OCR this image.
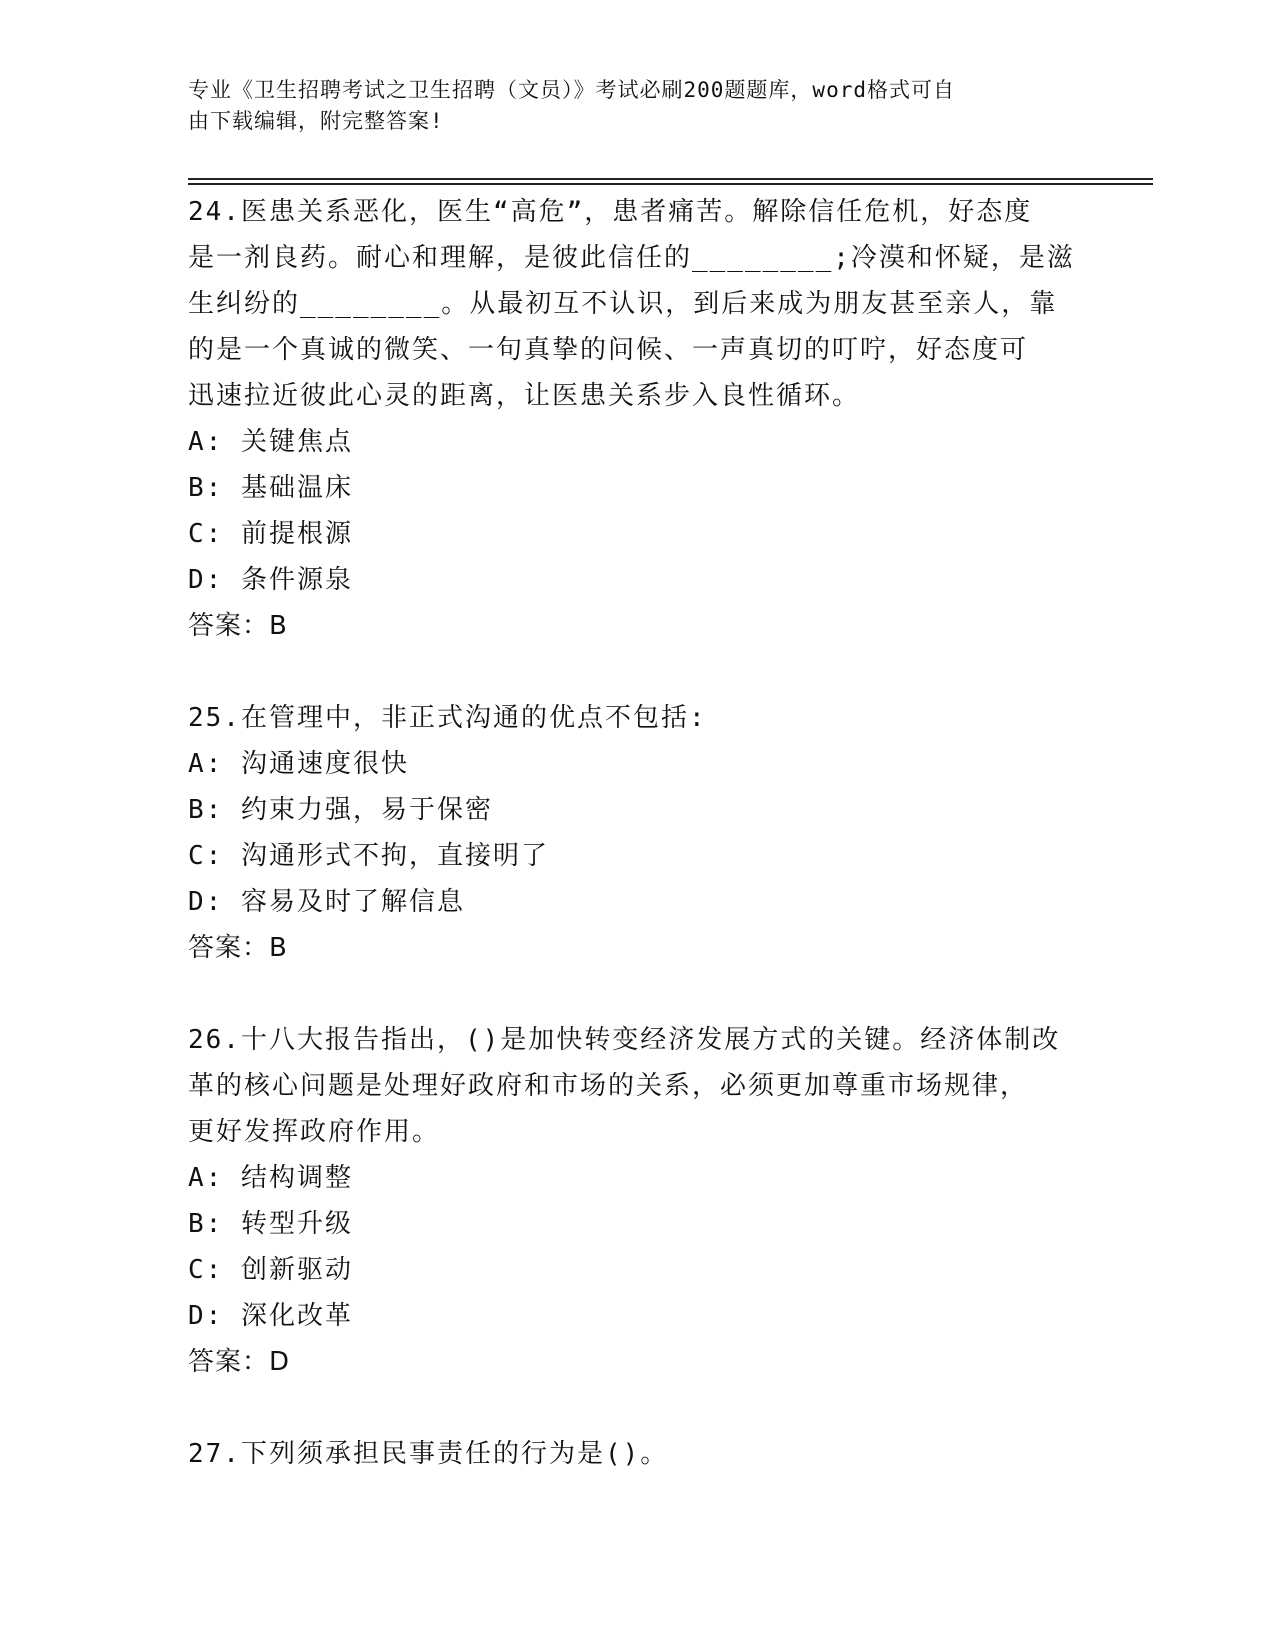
专业《卫生招聘考试之卫生招聘（文员）》考试必刷200题题库，word格式可自
由下载编辑，附完整答案!
24.医患关系恶化，医生“高危”，患者痛苦。解除信任危机，好态度
是一剂良药。耐心和理解，是彼此信任的________;冷漠和怀疑，是滋
生纠纷的________。从最初互不认识，到后来成为朋友甚至亲人，靠
的是一个真诚的微笑、一句真挚的问候、一声真切的叮咛，好态度可
迅速拉近彼此心灵的距离，让医患关系步入良性循环。
A: 关键焦点
B: 基础温床
C: 前提根源
D: 条件源泉
答案：B
25.在管理中，非正式沟通的优点不包括:
A: 沟通速度很快
B: 约束力强，易于保密
C: 沟通形式不拘，直接明了
D: 容易及时了解信息
答案：B
26.十八大报告指出，()是加快转变经济发展方式的关键。经济体制改
革的核心问题是处理好政府和市场的关系，必须更加尊重市场规律，
更好发挥政府作用。
A: 结构调整
B: 转型升级
C: 创新驱动
D: 深化改革
答案：D
27.下列须承担民事责任的行为是()。
